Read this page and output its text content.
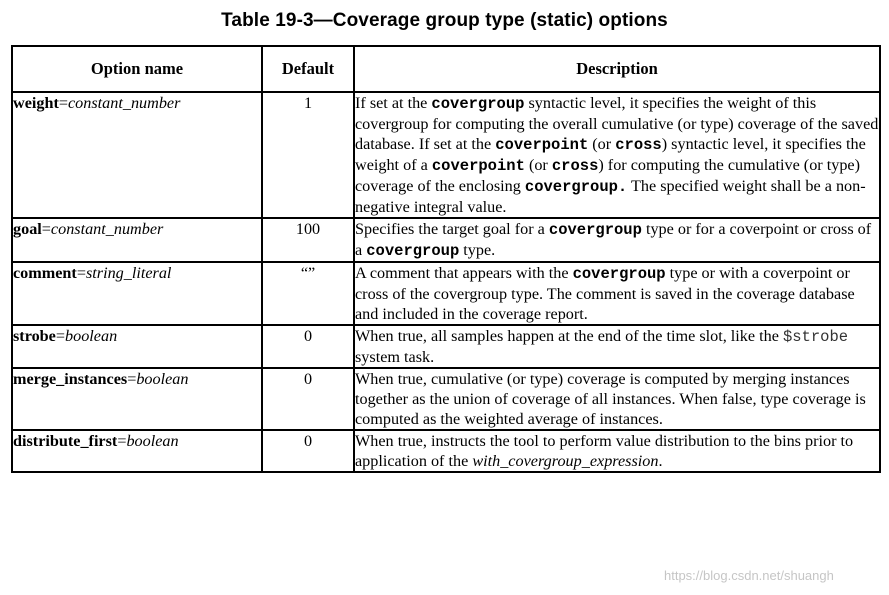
Table 19-3—Coverage group type (static) options
Option name	Default	Description
weight=constant_number	1	If set at the covergroup syntactic level, it specifies the weight of this covergroup for computing the overall cumulative (or type) coverage of the saved database. If set at the coverpoint (or cross) syntactic level, it specifies the weight of a coverpoint (or cross) for computing the cumulative (or type) coverage of the enclosing covergroup. The specified weight shall be a non-negative integral value.
goal=constant_number	100	Specifies the target goal for a covergroup type or for a coverpoint or cross of a covergroup type.
comment=string_literal	“”	A comment that appears with the covergroup type or with a coverpoint or cross of the covergroup type. The comment is saved in the coverage database and included in the coverage report.
strobe=boolean	0	When true, all samples happen at the end of the time slot, like the $strobe system task.
merge_instances=boolean	0	When true, cumulative (or type) coverage is computed by merging instances together as the union of coverage of all instances. When false, type coverage is computed as the weighted average of instances.
distribute_first=boolean	0	When true, instructs the tool to perform value distribution to the bins prior to application of the with_covergroup_expression.
https://blog.csdn.net/shuangh
